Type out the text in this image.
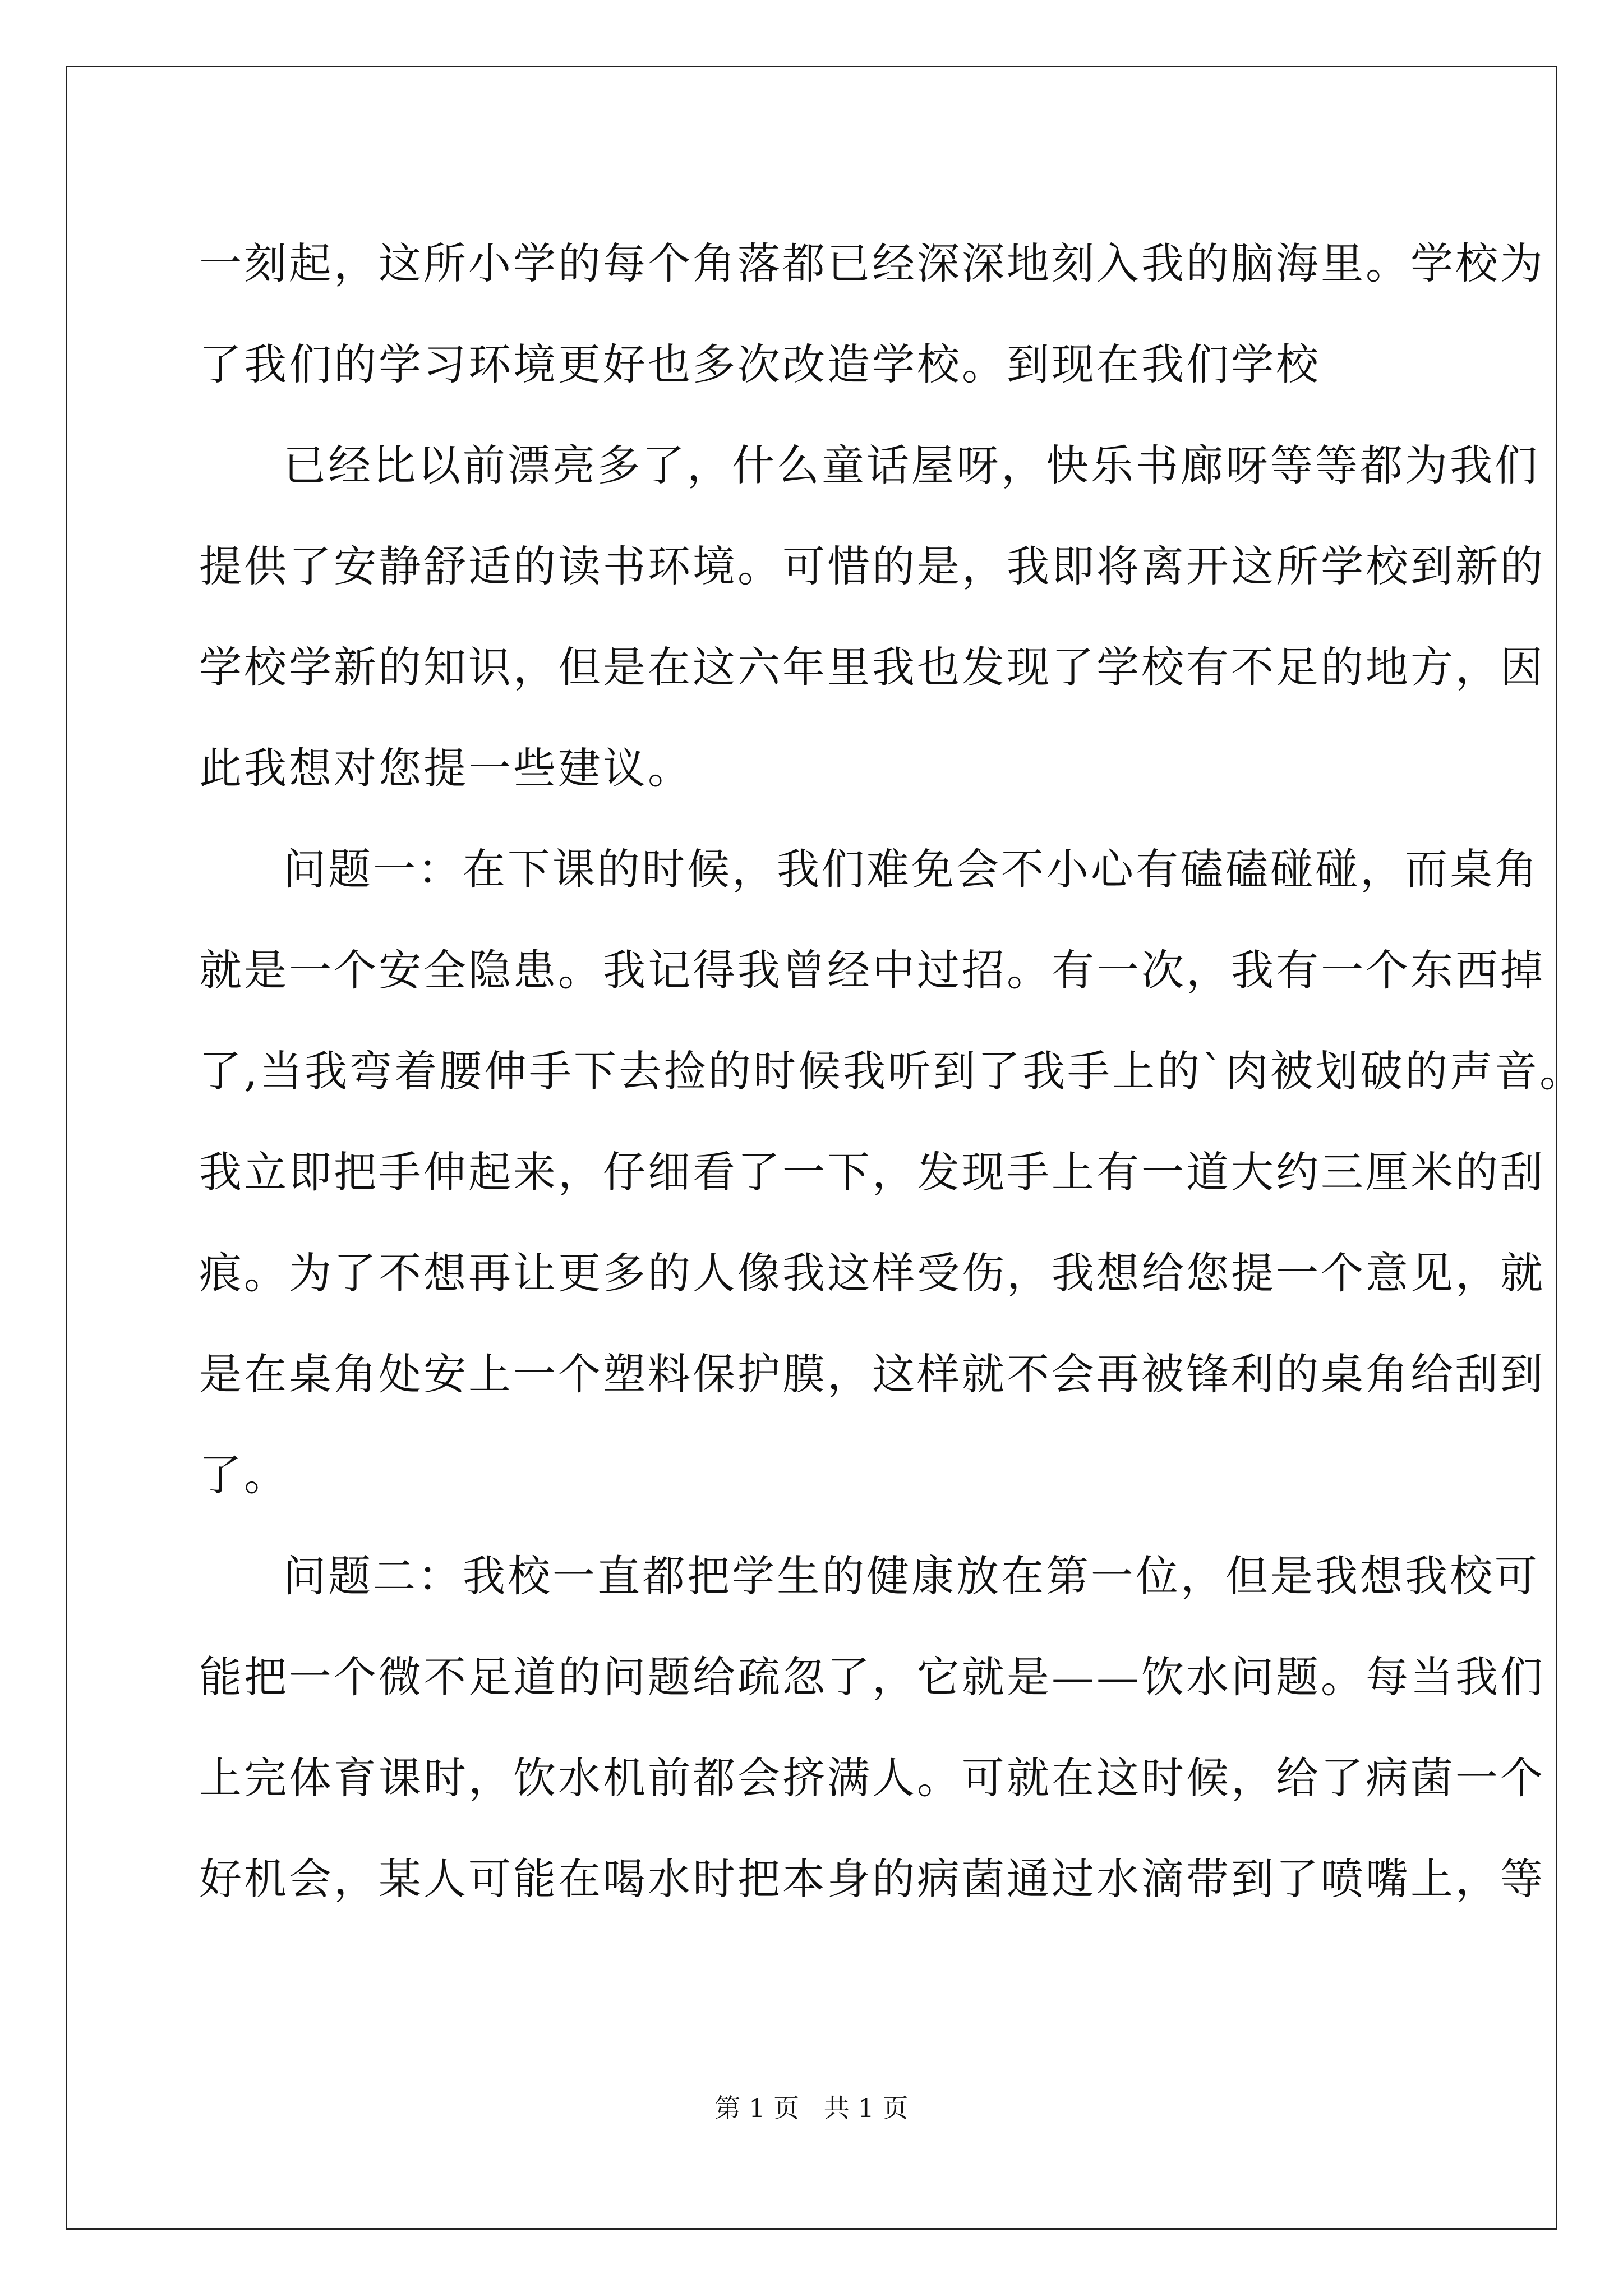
一刻起，这所小学的每个角落都已经深深地刻入我的脑海里。学校为
了我们的学习环境更好也多次改造学校。到现在我们学校
已经比以前漂亮多了，什么童话屋呀，快乐书廊呀等等都为我们
提供了安静舒适的读书环境。可惜的是，我即将离开这所学校到新的
学校学新的知识，但是在这六年里我也发现了学校有不足的地方，因
此我想对您提一些建议。
问题一：在下课的时候，我们难免会不小心有磕磕碰碰，而桌角
就是一个安全隐患。我记得我曾经中过招。有一次，我有一个东西掉
了,当我弯着腰伸手下去捡的时候我听到了我手上的`肉被划破的声音。
我立即把手伸起来，仔细看了一下，发现手上有一道大约三厘米的刮
痕。为了不想再让更多的人像我这样受伤，我想给您提一个意见，就
是在桌角处安上一个塑料保护膜，这样就不会再被锋利的桌角给刮到
了。
问题二：我校一直都把学生的健康放在第一位，但是我想我校可
能把一个微不足道的问题给疏忽了，它就是——饮水问题。每当我们
上完体育课时，饮水机前都会挤满人。可就在这时候，给了病菌一个
好机会，某人可能在喝水时把本身的病菌通过水滴带到了喷嘴上，等
第 1 页   共 1 页
